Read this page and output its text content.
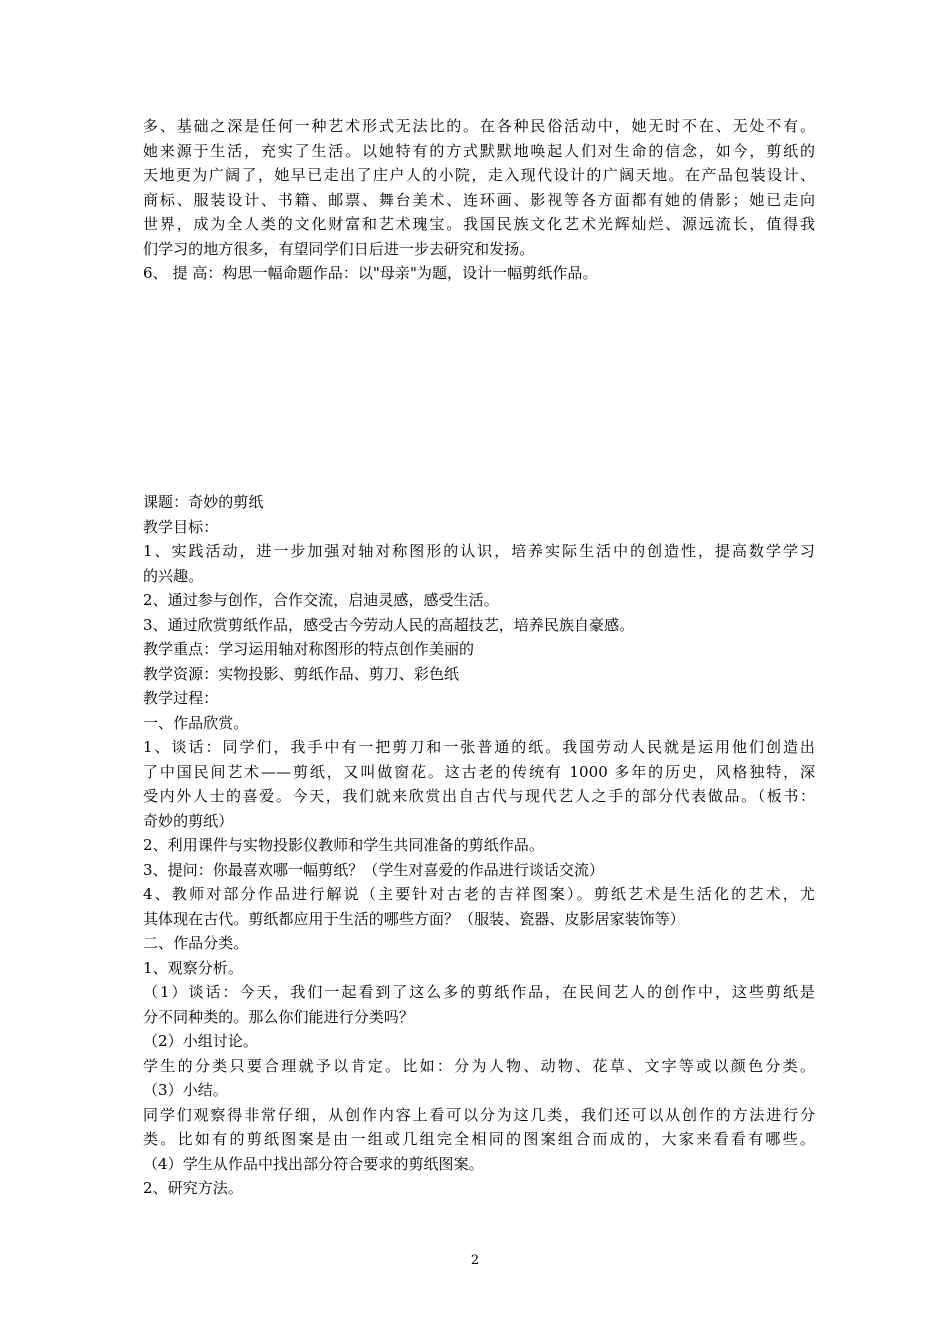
多、基础之深是任何一种艺术形式无法比的。在各种民俗活动中，她无时不在、无处不有。
她来源于生活，充实了生活。以她特有的方式默默地唤起人们对生命的信念，如今，剪纸的
天地更为广阔了，她早已走出了庄户人的小院，走入现代设计的广阔天地。在产品包装设计、
商标、服装设计、书籍、邮票、舞台美术、连环画、影视等各方面都有她的倩影；她已走向
世界，成为全人类的文化财富和艺术瑰宝。我国民族文化艺术光辉灿烂、源远流长，值得我
们学习的地方很多，有望同学们日后进一步去研究和发扬。
6、 提 高：构思一幅命题作品：以"母亲"为题，设计一幅剪纸作品。
课题：奇妙的剪纸
教学目标：
1、实践活动，进一步加强对轴对称图形的认识，培养实际生活中的创造性，提高数学学习
的兴趣。
2、通过参与创作，合作交流，启迪灵感，感受生活。
3、通过欣赏剪纸作品，感受古今劳动人民的高超技艺，培养民族自豪感。
教学重点：学习运用轴对称图形的特点创作美丽的
教学资源：实物投影、剪纸作品、剪刀、彩色纸
教学过程：
一、作品欣赏。
1、谈话：同学们，我手中有一把剪刀和一张普通的纸。我国劳动人民就是运用他们创造出
了中国民间艺术——剪纸，又叫做窗花。这古老的传统有 1000 多年的历史，风格独特，深
受内外人士的喜爱。今天，我们就来欣赏出自古代与现代艺人之手的部分代表做品。（板书：
奇妙的剪纸）
2、利用课件与实物投影仪教师和学生共同准备的剪纸作品。
3、提问：你最喜欢哪一幅剪纸？（学生对喜爱的作品进行谈话交流）
4、教师对部分作品进行解说（主要针对古老的吉祥图案）。剪纸艺术是生活化的艺术，尤
其体现在古代。剪纸都应用于生活的哪些方面？（服装、瓷器、皮影居家装饰等）
二、作品分类。
1、观察分析。
（1）谈话：今天，我们一起看到了这么多的剪纸作品，在民间艺人的创作中，这些剪纸是
分不同种类的。那么你们能进行分类吗？
（2）小组讨论。
学生的分类只要合理就予以肯定。比如：分为人物、动物、花草、文字等或以颜色分类。
（3）小结。
同学们观察得非常仔细，从创作内容上看可以分为这几类，我们还可以从创作的方法进行分
类。比如有的剪纸图案是由一组或几组完全相同的图案组合而成的，大家来看看有哪些。
（4）学生从作品中找出部分符合要求的剪纸图案。
2、研究方法。
2
